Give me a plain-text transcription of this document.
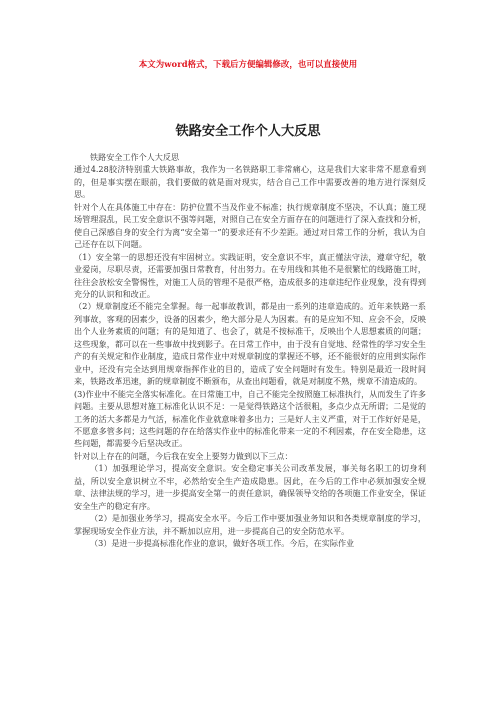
本文为word格式，下载后方便编辑修改，也可以直接使用
铁路安全工作个人大反思

铁路安全工作个人大反思

通过4.28胶济特别重大铁路事故，我作为一名铁路职工非常痛心，这是我们大家非常不愿意看到的，但是事实摆在眼前，我们要做的就是面对现实，结合自己工作中需要改善的地方进行深刻反思。

针对个人在具体施工中存在：防护位置不当及作业不标准；执行规章制度不坚决，不认真；施工现场管理混乱，民工安全意识不强等问题，对照自己在安全方面存在的问题进行了深入查找和分析，使自己深感自身的安全行为离“安全第一”的要求还有不少差距。通过对日常工作的分析，我认为自己还存在以下问题。

（1）安全第一的思想还没有牢固树立。实践证明，安全意识不牢，真正懂法守法，遵章守纪，敬业爱岗，尽职尽责，还需要加强日常教育，付出努力。在专用线和其他不是很繁忙的线路施工时，往往会放松安全警惕性，对施工人员的管理不是很严格，造成很多的违章违纪作业现象，没有得到充分的认识和和改正。

（2）规章制度还不能完全掌握。每一起事故教训，都是由一系列的违章造成的。近年来铁路一系列事故，客观的因素少，设备的因素少，绝大部分是人为因素。有的是应知不知、应会不会，反映出个人业务素质的问题；有的是知道了、也会了，就是不按标准干，反映出个人思想素质的问题；这些现象，都可以在一些事故中找到影子。在日常工作中，由于没有自觉地、经常性的学习安全生产的有关规定和作业制度，造成日常作业中对规章制度的掌握还不够，还不能很好的应用到实际作业中，还没有完全达到用规章指挥作业的目的，造成了安全问题时有发生。特别是最近一段时间来，铁路改革迅速，新的规章制度不断颁布，从查出问题看，就是对制度不熟，规章不清造成的。

(3)作业中不能完全落实标准化。在日常施工中，自己不能完全按照施工标准执行，从而发生了许多问题。主要从思想对施工标准化认识不足：一是觉得铁路这个活很粗，多点少点无所谓；二是觉的工务的活大多都是力气活，标准化作业就意味着多出力；三是好人主义严重，对于工作好好是是，不愿意多管多问；这些问题的存在给落实作业中的标准化带来一定的不利因素，存在安全隐患，这些问题，都需要今后坚决改正。

针对以上存在的问题，今后我在安全上要努力做到以下三点：

（1）加强理论学习，提高安全意识。安全稳定事关公司改革发展，事关每名职工的切身利益，所以安全意识树立不牢，必然给安全生产造成隐患。因此，在今后的工作中必须加强安全规章、法律法规的学习，进一步提高安全第一的责任意识，确保领导交给的各项施工作业安全，保证安全生产的稳定有序。

（2）是加强业务学习，提高安全水平。今后工作中要加强业务知识和各类规章制度的学习，掌握现场安全作业方法，并不断加以应用，进一步提高自己的安全防范水平。

（3）是进一步提高标准化作业的意识，做好各项工作。今后，在实际作业
